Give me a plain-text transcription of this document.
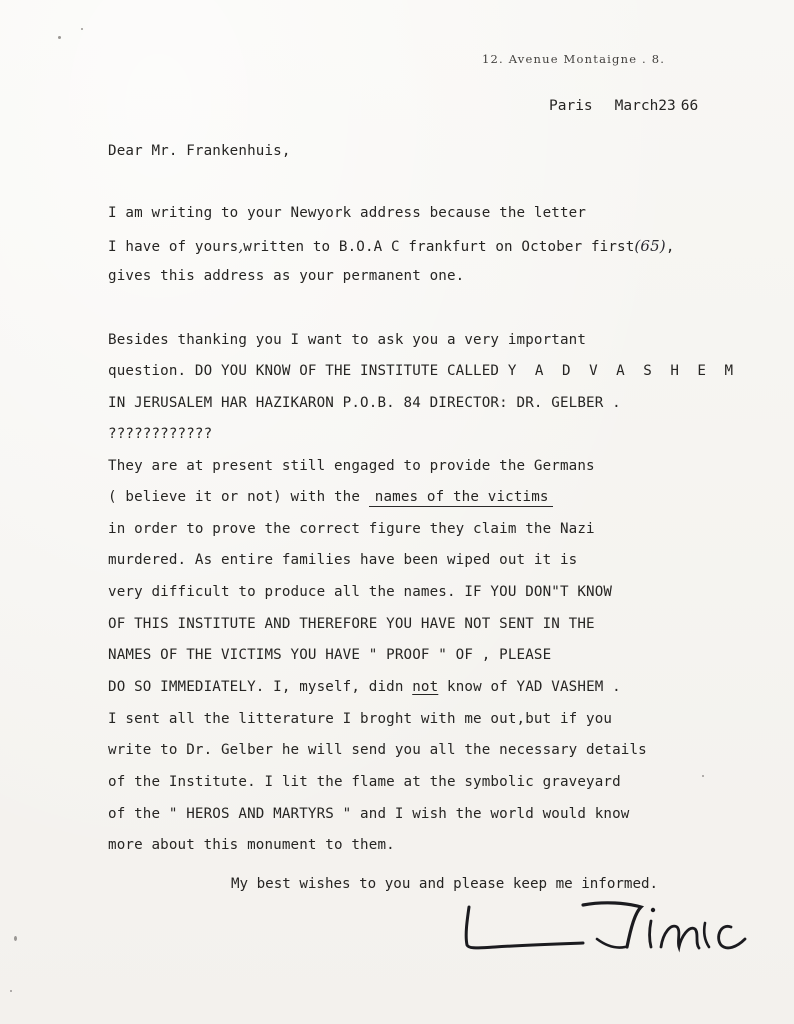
12. Avenue Montaigne . 8.
Paris March23 66
Dear Mr. Frankenhuis,
I am writing to your Newyork address because the letter
I have of yours,written to B.O.A C frankfurt on October first(65),
gives this address as your permanent one.
Besides thanking you I want to ask you a very important
question. DO YOU KNOW OF THE INSTITUTE CALLED Y A D V A S H E M
IN JERUSALEM HAR HAZIKARON P.O.B. 84 DIRECTOR: DR. GELBER .
????????????
They are at present still engaged to provide the Germans
( believe it or not) with the names of the victims
in order to prove the correct figure they claim the Nazi
murdered. As entire families have been wiped out it is
very difficult to produce all the names. IF YOU DON"T KNOW
OF THIS INSTITUTE AND THEREFORE YOU HAVE NOT SENT IN THE
NAMES OF THE VICTIMS YOU HAVE " PROOF " OF , PLEASE
DO SO IMMEDIATELY. I, myself, didn not know of YAD VASHEM .
I sent all the litterature I broght with me out,but if you
write to Dr. Gelber he will send you all the necessary details
of the Institute. I lit the flame at the symbolic graveyard
of the " HEROS AND MARTYRS " and I wish the world would know
more about this monument to them.
My best wishes to you and please keep me informed.
